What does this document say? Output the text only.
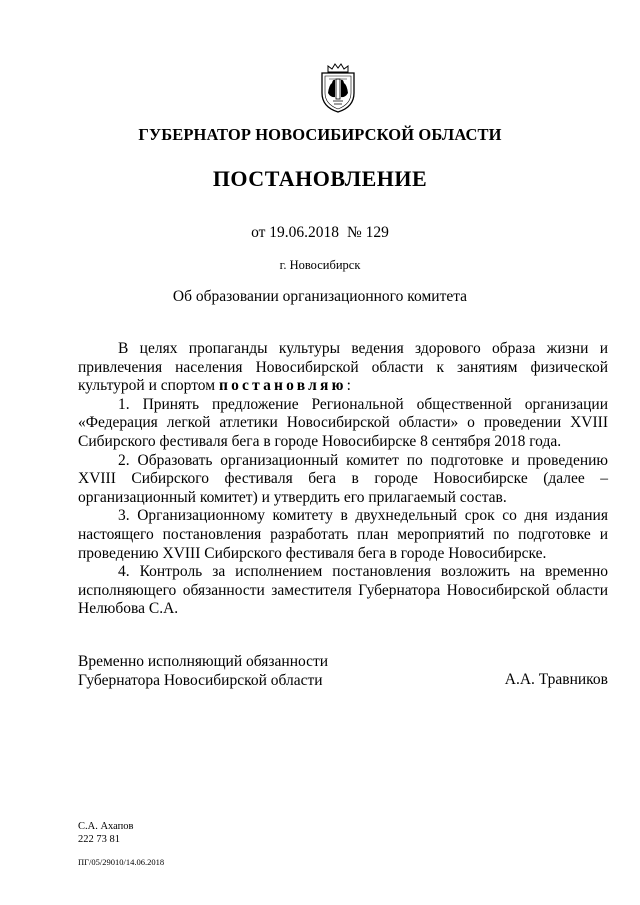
ГУБЕРНАТОР НОВОСИБИРСКОЙ ОБЛАСТИ
ПОСТАНОВЛЕНИЕ
от 19.06.2018 № 129
г. Новосибирск
Об образовании организационного комитета

В целях пропаганды культуры ведения здорового образа жизни и привлечения населения Новосибирской области к занятиям физической культурой и спортом постановляю:

1. Принять предложение Региональной общественной организации «Федерация легкой атлетики Новосибирской области» о проведении XVIII Сибирского фестиваля бега в городе Новосибирске 8 сентября 2018 года.

2. Образовать организационный комитет по подготовке и проведению XVIII Сибирского фестиваля бега в городе Новосибирске (далее – организационный комитет) и утвердить его прилагаемый состав.

3. Организационному комитету в двухнедельный срок со дня издания настоящего постановления разработать план мероприятий по подготовке и проведению XVIII Сибирского фестиваля бега в городе Новосибирске.

4. Контроль за исполнением постановления возложить на временно исполняющего обязанности заместителя Губернатора Новосибирской области Нелюбова С.А.

Временно исполняющий обязанности
Губернатора Новосибирской области	А.А. Травников
С.А. Ахапов
222 73 81
ПГ/05/29010/14.06.2018
